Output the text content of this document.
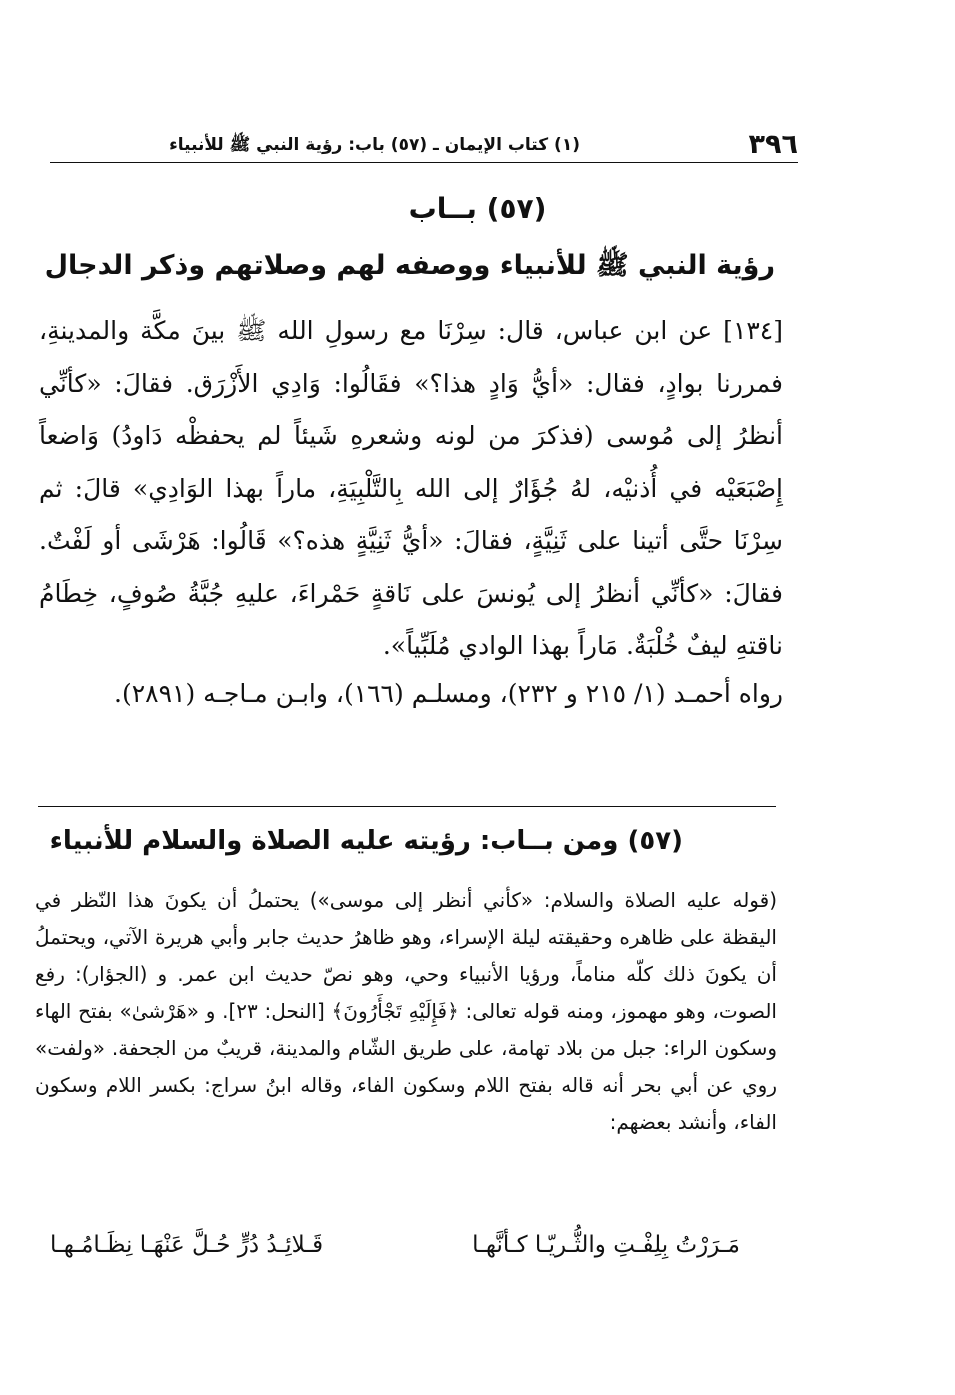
٣٩٦
(١) كتاب الإيمان ـ (٥٧) باب: رؤية النبي ﷺ للأنبياء
(٥٧) بــاب
رؤية النبي ﷺ للأنبياء ووصفه لهم وصلاتهم وذكر الدجال

[١٣٤] عن ابن عباس، قال: سِرْنَا مع رسولِ الله ﷺ بينَ مكَّة والمدينةِ، فمررنا بوادٍ، فقال: «أيُّ وَادٍ هذا؟» فقَالُوا: وَادِي الأَزْرَق. فقالَ: «كأنِّي أنظرُ إلى مُوسى (فذكرَ من لونه وشعرهِ شَيئاً لم يحفظْه دَاودُ) وَاضعاً إِصْبَعَيْه في أُذنيْه، لهُ جُؤَارٌ إلى الله بِالتَّلْبِيَةِ، ماراً بهذا الوَادِي» قالَ: ثم سِرْنَا حتَّى أتينا على ثَنِيَّةٍ، فقالَ: «أيُّ ثَنِيَّةٍ هذه؟» قَالُوا: هَرْشَى أو لَفْتٌ. فقالَ: «كأنِّي أنظرُ إلى يُونسَ على نَاقةٍ حَمْراءَ، عليهِ جُبَّةُ صُوفٍ، خِطَامُ ناقتهِ ليفٌ خُلْبَةٌ. مَاراً بهذا الوادي مُلَبِّياً».

رواه أحمـد (١/ ٢١٥ و ٢٣٢)، ومسلـم (١٦٦)، وابـن مـاجـه (٢٨٩١).
(٥٧) ومن بــاب: رؤيته عليه الصلاة والسلام للأنبياء

(قوله عليه الصلاة والسلام: «كأني أنظر إلى موسى») يحتملُ أن يكونَ هذا النّظر في اليقظة على ظاهره وحقيقته ليلة الإسراء، وهو ظاهرُ حديث جابر وأبي هريرة الآتي، ويحتملُ أن يكونَ ذلك كلّه مناماً، ورؤيا الأنبياء وحي، وهو نصّ حديث ابن عمر. و (الجؤار): رفع الصوت، وهو مهموز، ومنه قوله تعالى: ﴿فَإِلَيْهِ تَجْأَرُونَ﴾ [النحل: ٢٣]. و «هَرْشىٰ» بفتح الهاء وسكون الراء: جبل من بلاد تهامة، على طريق الشّام والمدينة، قريبٌ من الجحفة. «ولفت» روي عن أبي بحر أنه قاله بفتح اللام وسكون الفاء، وقاله ابنُ سراج: بكسر اللام وسكون الفاء، وأنشد بعضهم:

مَـرَرْتُ بِلِفْـتِ والثُّـريّـا كـأنَّهـا
قَـلائِـدُ دُرٍّ حُـلَّ عَنْهَـا نِظَـامُـهـا
